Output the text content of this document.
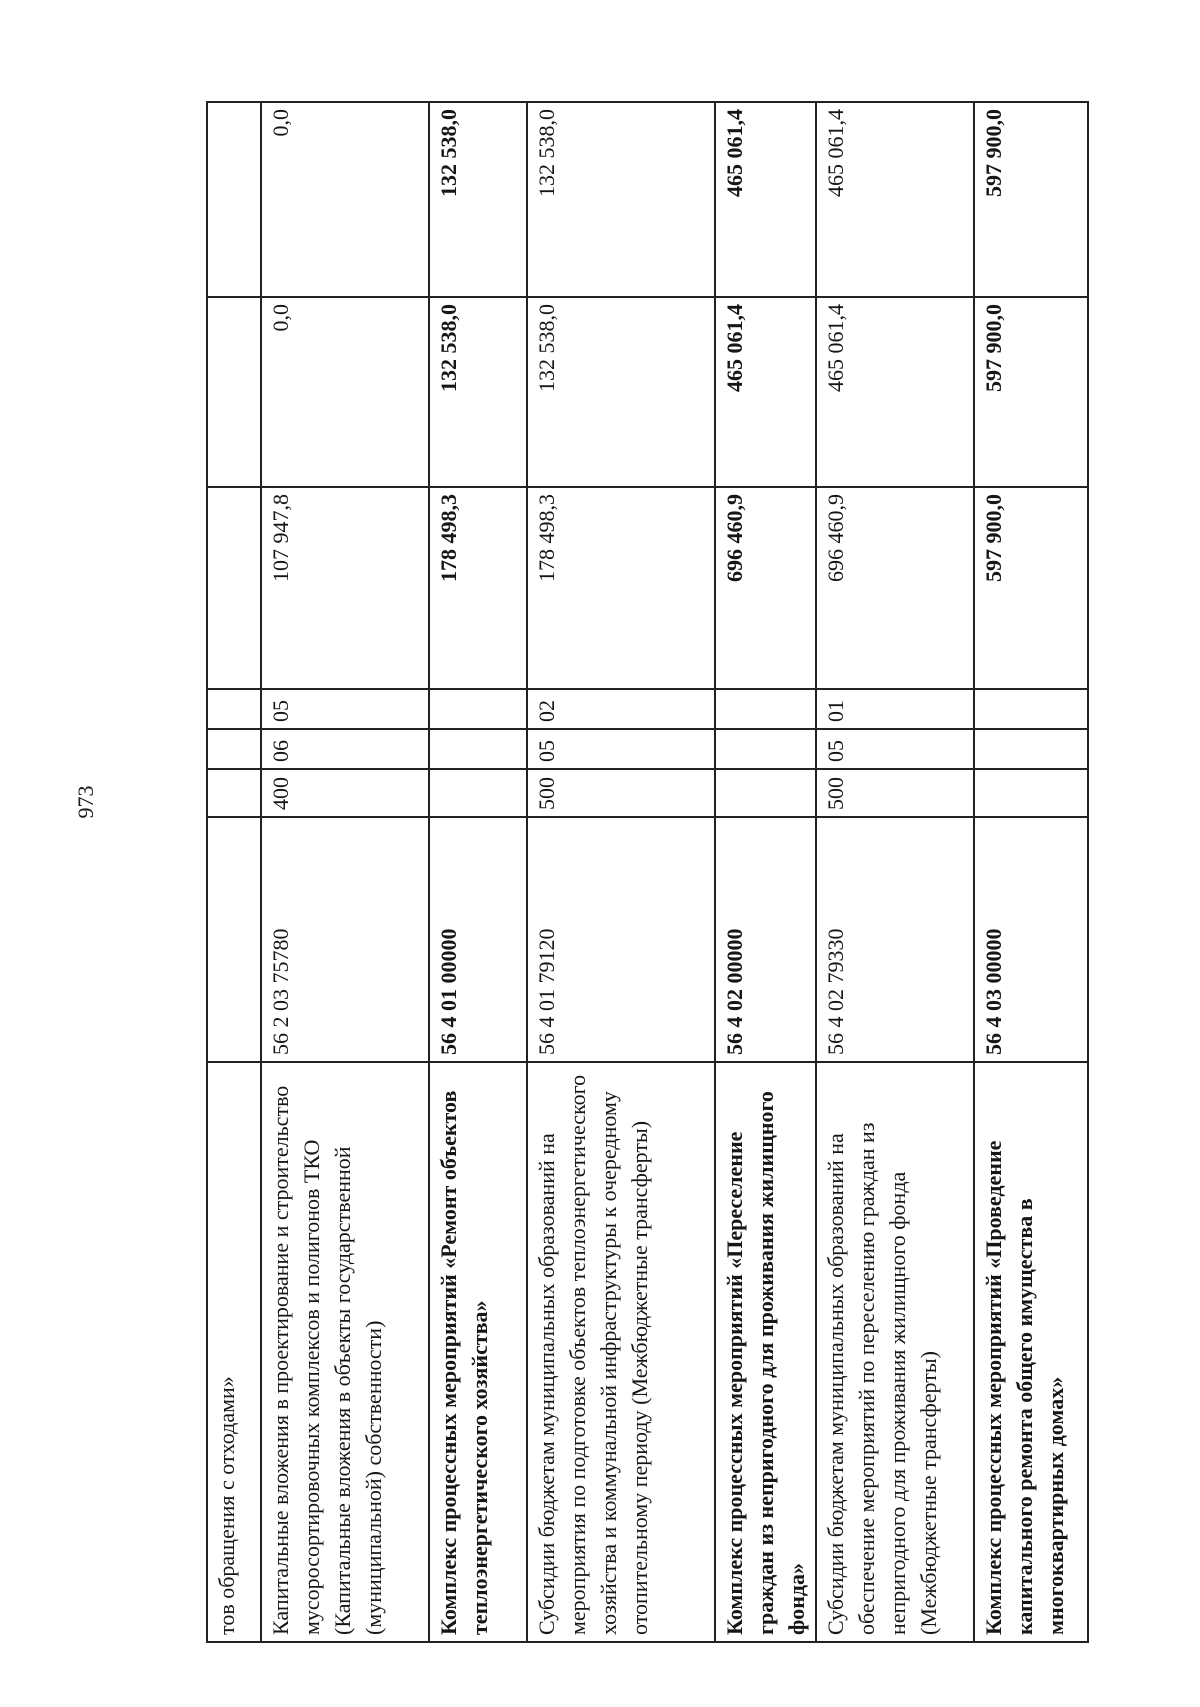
973
тов обращения с отходами»							
Капитальные вложения в проектирование и строительство мусоросортировочных комплексов и полигонов ТКО (Капитальные вложения в объекты государственной (муниципальной) собственности)	56 2 03 75780	400	06	05	107 947,8	0,0	0,0
Комплекс процессных мероприятий «Ремонт объектов теплоэнергетического хозяйства»	56 4 01 00000				178 498,3	132 538,0	132 538,0
Субсидии бюджетам муниципальных образований на мероприятия по подготовке объектов теплоэнергетического хозяйства и коммунальной инфраструктуры к очередному отопительному периоду (Межбюджетные трансферты)	56 4 01 79120	500	05	02	178 498,3	132 538,0	132 538,0
Комплекс процессных мероприятий «Переселение граждан из непригодного для проживания жилищного фонда»	56 4 02 00000				696 460,9	465 061,4	465 061,4
Субсидии бюджетам муниципальных образований на обеспечение мероприятий по переселению граждан из непригодного для проживания жилищного фонда (Межбюджетные трансферты)	56 4 02 79330	500	05	01	696 460,9	465 061,4	465 061,4
Комплекс процессных мероприятий «Проведение капитального ремонта общего имущества в многоквартирных домах»	56 4 03 00000				597 900,0	597 900,0	597 900,0
